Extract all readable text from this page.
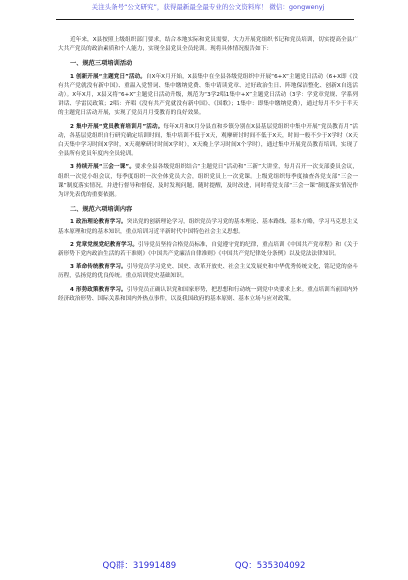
关注头条号“公文研究”，获得最新最全最专业的公文资料库！ 微信：gongwenyj

近年来，X县按照上级组织部门要求，结合本地实际和党员需要，大力开展党组织书记和党员培训，切实提高全县广大共产党员的政治素质和个人能力，实现全县党员全员轮训。现将具体情况报告如下：

一、规范三项培训活动

1 创新开展“主题党日”活动。自X年X月开始，X县集中在全县各级党组织中开展“6+X”主题党日活动（6+X即《没有共产党就没有新中国》、重温入党誓词、集中缴纳党费、集中请读党章、过好政治生日、阵地保洁整化、创新X自选活动）。X年X月，X县又将“6+X”主题党日活动升级，规范为“3学2唱1集中+X”主题党日活动（3学：学党章党规、学系列讲话、学雷民政策；2唱：齐唱《没有共产党就没有新中国》、《国歌》；1集中：即集中缴纳党费），通过每月不少于半天的主题党日活动开展，实现了党员月月受教育的良好效果。

2 集中开展“党员教育培训月”活动。每年X月和X月分县直和乡镇分别在X县基层党组织中集中开展“党员教育月”活动，各基层党组织自行研究确定培训时间，集中培训不低于X天，观摩研讨时间不低于X天，时间一般不少于X学时（X天白天集中学习时间X学时，X天观摩研讨时间X学时），X天晚上学习时间X个学时），通过集中开展党员教育培训，实现了全县所有党员年度内全员轮训。

3 持续开展“三会一课”。要求全县各级党组织结合“主题党日”活动和“三新”大讲堂，每月召开一次支部委员会议，组织一次党小组会议，每季度组织一次全体党员大会，组织党员上一次党课。上级党组织每季度抽查各党支部“三会一课”制度落实情况，并进行督导和督促，及时发现问题，随时提醒，及时改进，同时将党支部“三会一课”制度落实情况作为评先表优的重要依据。

二、规范六项培训内容

1 政治理论教育学习。突出党的创新理论学习，组织党员学习党的基本理论、基本路线、基本方略，学习马克思主义基本原理和党的基本知识，重点培训习近平新时代中国特色社会主义思想。

2 党章党规党纪教育学习。引导党员坚持合格党员标准，自觉遵守党的纪律，重点培训《中国共产党章程》和《关于新形势下党内政治生活的若干准则》《中国共产党廉洁自律准则》《中国共产党纪律处分条例》以及党法法律知识。

3 革命传统教育学习。引导党员学习党史、国史、改革开放史、社会主义发展史和中华优秀传统文化，铭记党的奋斗历程，弘扬党的优良传统。重点培训党史基础知识。

4 形势政策教育学习。引导党员正确认识党和国家形势，把思想和行动统一到党中央要求上来。重点培训当前国内外经济政治形势、国际关系和国内外热点事件，以及我国政府的基本原则、基本立场与应对政策。

QQ群：31991489	QQ：535304092
